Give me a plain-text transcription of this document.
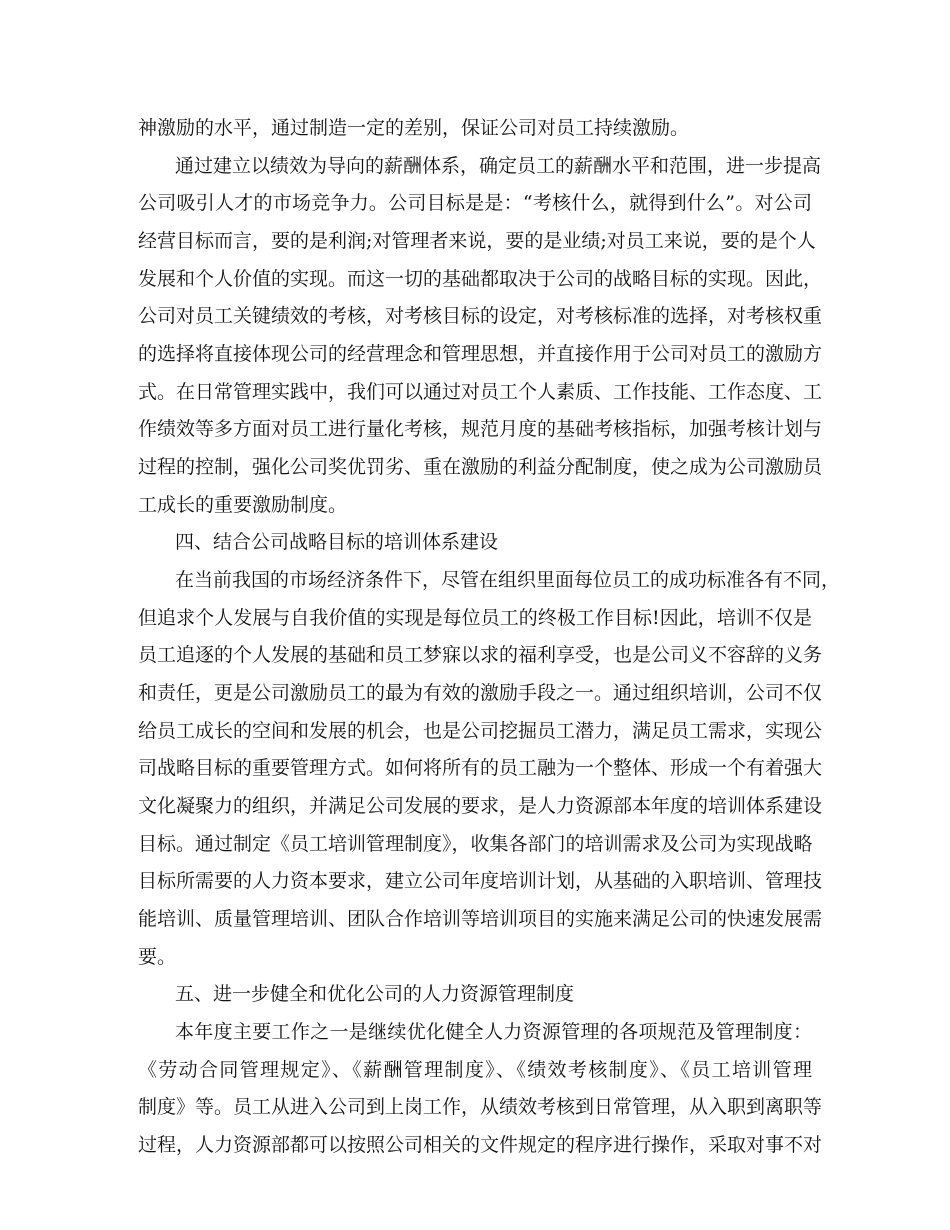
神激励的水平，通过制造一定的差别，保证公司对员工持续激励。
通过建立以绩效为导向的薪酬体系，确定员工的薪酬水平和范围，进一步提高
公司吸引人才的市场竞争力。公司目标是是：“考核什么，就得到什么”。对公司
经营目标而言，要的是利润;对管理者来说，要的是业绩;对员工来说，要的是个人
发展和个人价值的实现。而这一切的基础都取决于公司的战略目标的实现。因此，
公司对员工关键绩效的考核，对考核目标的设定，对考核标准的选择，对考核权重
的选择将直接体现公司的经营理念和管理思想，并直接作用于公司对员工的激励方
式。在日常管理实践中，我们可以通过对员工个人素质、工作技能、工作态度、工
作绩效等多方面对员工进行量化考核，规范月度的基础考核指标，加强考核计划与
过程的控制，强化公司奖优罚劣、重在激励的利益分配制度，使之成为公司激励员
工成长的重要激励制度。
四、结合公司战略目标的培训体系建设
在当前我国的市场经济条件下，尽管在组织里面每位员工的成功标准各有不同，
但追求个人发展与自我价值的实现是每位员工的终极工作目标!因此，培训不仅是
员工追逐的个人发展的基础和员工梦寐以求的福利享受，也是公司义不容辞的义务
和责任，更是公司激励员工的最为有效的激励手段之一。通过组织培训，公司不仅
给员工成长的空间和发展的机会，也是公司挖掘员工潜力，满足员工需求，实现公
司战略目标的重要管理方式。如何将所有的员工融为一个整体、形成一个有着强大
文化凝聚力的组织，并满足公司发展的要求，是人力资源部本年度的培训体系建设
目标。通过制定《员工培训管理制度》，收集各部门的培训需求及公司为实现战略
目标所需要的人力资本要求，建立公司年度培训计划，从基础的入职培训、管理技
能培训、质量管理培训、团队合作培训等培训项目的实施来满足公司的快速发展需
要。
五、进一步健全和优化公司的人力资源管理制度
本年度主要工作之一是继续优化健全人力资源管理的各项规范及管理制度：
《劳动合同管理规定》、《薪酬管理制度》、《绩效考核制度》、《员工培训管理
制度》等。员工从进入公司到上岗工作，从绩效考核到日常管理，从入职到离职等
过程，人力资源部都可以按照公司相关的文件规定的程序进行操作，采取对事不对
